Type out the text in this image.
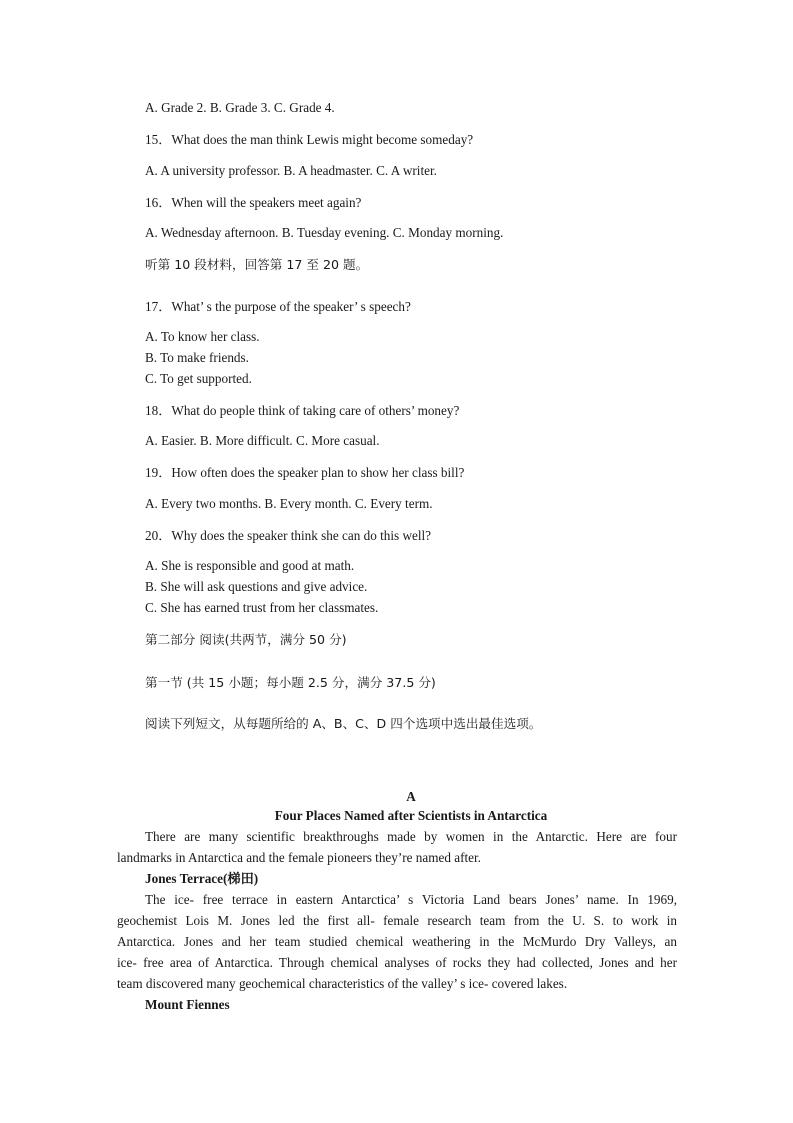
A. Grade 2. B. Grade 3. C. Grade 4.
15．What does the man think Lewis might become someday?
A. A university professor. B. A headmaster. C. A writer.
16．When will the speakers meet again?
A. Wednesday afternoon. B. Tuesday evening. C. Monday morning.
听第 10 段材料，回答第 17 至 20 题。
17．What’ s the purpose of the speaker’ s speech?
A. To know her class.
B. To make friends.
C. To get supported.
18．What do people think of taking care of others’ money?
A. Easier. B. More difficult. C. More casual.
19．How often does the speaker plan to show her class bill?
A. Every two months. B. Every month. C. Every term.
20．Why does the speaker think she can do this well?
A. She is responsible and good at math.
B. She will ask questions and give advice.
C. She has earned trust from her classmates.
第二部分 阅读(共两节，满分 50 分)
第一节 (共 15 小题；每小题 2.5 分，满分 37.5 分)
阅读下列短文，从每题所给的 A、B、C、D 四个选项中选出最佳选项。
A
Four Places Named after Scientists in Antarctica
There are many scientific breakthroughs made by women in the Antarctic. Here are four
landmarks in Antarctica and the female pioneers they’re named after.
Jones Terrace(梯田)
The ice- free terrace in eastern Antarctica’ s Victoria Land bears Jones’ name. In 1969,
geochemist Lois M. Jones led the first all- female research team from the U. S. to work in
Antarctica. Jones and her team studied chemical weathering in the McMurdo Dry Valleys, an
ice- free area of Antarctica. Through chemical analyses of rocks they had collected, Jones and her
team discovered many geochemical characteristics of the valley’ s ice- covered lakes.
Mount Fiennes
